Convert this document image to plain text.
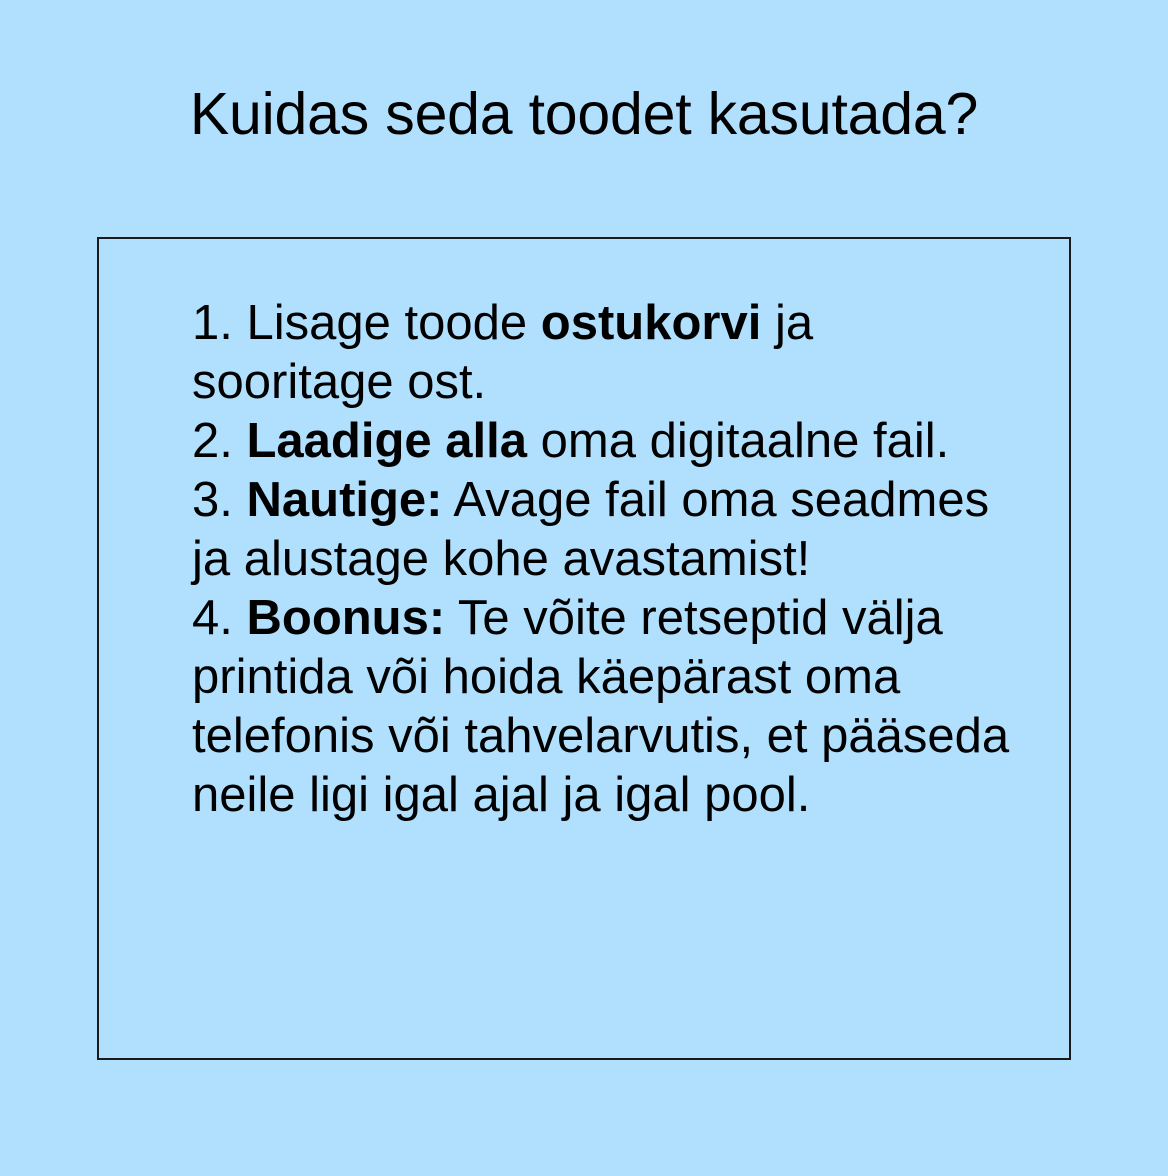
Kuidas seda toodet kasutada?
1. Lisage toode ostukorvi ja sooritage ost.
2. Laadige alla oma digitaalne fail.
3. Nautige: Avage fail oma seadmes ja alustage kohe avastamist!
4. Boonus: Te võite retseptid välja printida või hoida käepärast oma telefonis või tahvelarvutis, et pääseda neile ligi igal ajal ja igal pool.
